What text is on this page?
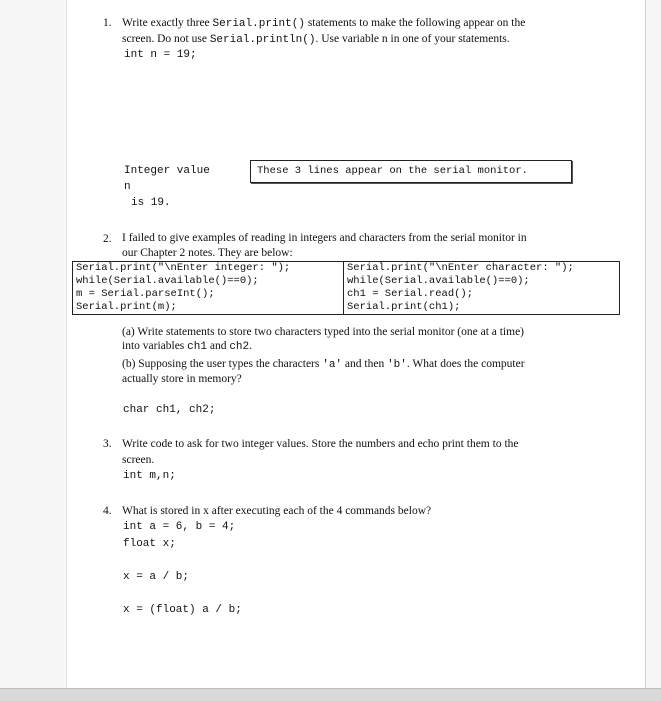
1. Write exactly three Serial.print() statements to make the following appear on the
screen. Do not use Serial.println(). Use variable n in one of your statements.
int n = 19;
Integer value
n
is 19.
These 3 lines appear on the serial monitor.
2. I failed to give examples of reading in integers and characters from the serial monitor in
our Chapter 2 notes. They are below:
Serial.print("\nEnter integer: ");	Serial.print("\nEnter character: ");
while(Serial.available()==0);	while(Serial.available()==0);
m = Serial.parseInt();	ch1 = Serial.read();
Serial.print(m);	Serial.print(ch1);
(a) Write statements to store two characters typed into the serial monitor (one at a time)
into variables ch1 and ch2.
(b) Supposing the user types the characters 'a' and then 'b'. What does the computer
actually store in memory?
char ch1, ch2;
3. Write code to ask for two integer values. Store the numbers and echo print them to the
screen.
int m,n;
4. What is stored in x after executing each of the 4 commands below?
int a = 6, b = 4;
float x;
x = a / b;
x = (float) a / b;
